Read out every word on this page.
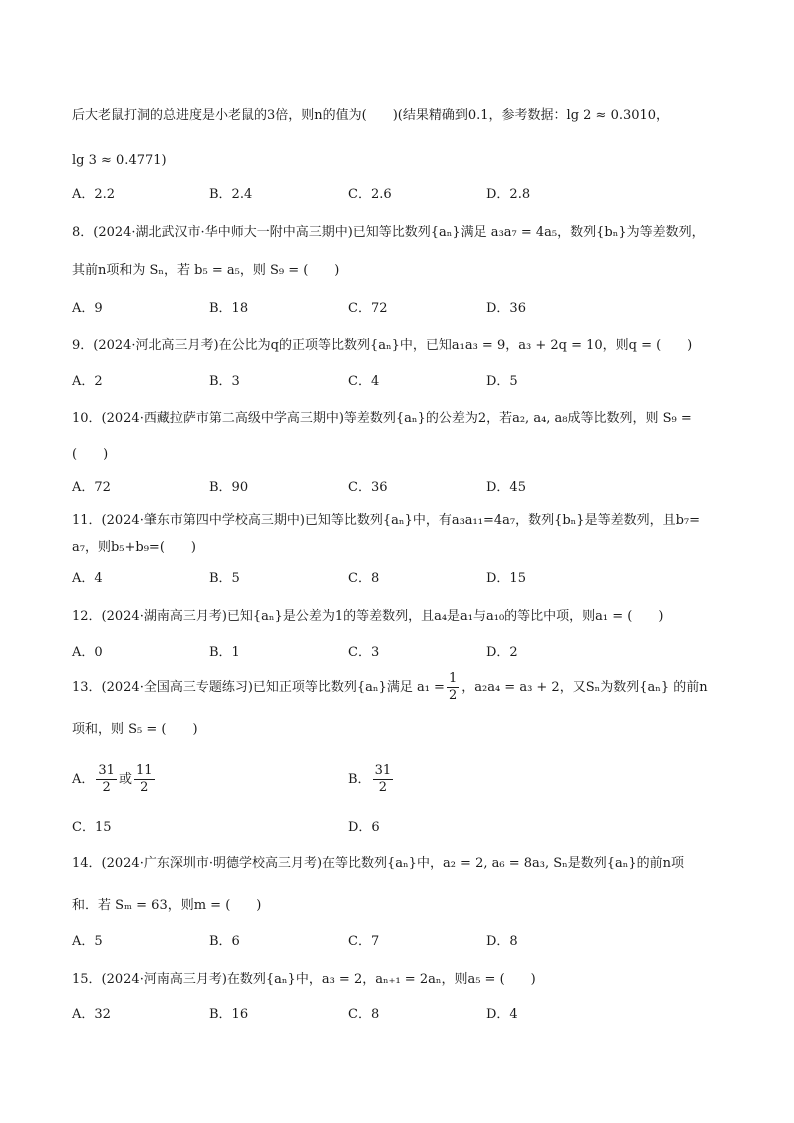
后大老鼠打洞的总进度是小老鼠的3倍，则n的值为(　　)(结果精确到0.1，参考数据：lg 2 ≈ 0.3010，
lg 3 ≈ 0.4771)
A．2.2	B．2.4	C．2.6	D．2.8
8．(2024·湖北武汉市·华中师大一附中高三期中)已知等比数列{aₙ}满足 a₃a₇ = 4a₅，数列{bₙ}为等差数列，
其前n项和为 Sₙ，若 b₅ = a₅，则 S₉ = (　　)
A．9	B．18	C．72	D．36
9．(2024·河北高三月考)在公比为q的正项等比数列{aₙ}中，已知a₁a₃ = 9，a₃ + 2q = 10，则q = (　　)
A．2	B．3	C．4	D．5
10．(2024·西藏拉萨市第二高级中学高三期中)等差数列{aₙ}的公差为2，若a₂, a₄, a₈成等比数列，则 S₉ =
(　　)
A．72	B．90	C．36	D．45
11．(2024·肇东市第四中学校高三期中)已知等比数列{aₙ}中，有a₃a₁₁=4a₇，数列{bₙ}是等差数列，且b₇=
a₇，则b₅+b₉=(　　)
A．4	B．5	C．8	D．15
12．(2024·湖南高三月考)已知{aₙ}是公差为1的等差数列，且a₄是a₁与a₁₀的等比中项，则a₁ = (　　)
A．0	B．1	C．3	D．2
13．(2024·全国高三专题练习)已知正项等比数列{aₙ}满足 $a_1 = \frac{1}{2}$ ，a₂a₄ = a₃ + 2，又Sₙ为数列{aₙ} 的前n
项和，则 S₅ = (　　)
A． $\frac{31}{2}$ 或 $\frac{11}{2}$	B． $\frac{31}{2}$
C．15	D．6
14．(2024·广东深圳市·明德学校高三月考)在等比数列{aₙ}中，a₂ = 2, a₆ = 8a₃, Sₙ是数列{aₙ}的前n项
和．若 Sₘ = 63，则m = (　　)
A．5	B．6	C．7	D．8
15．(2024·河南高三月考)在数列{aₙ}中，a₃ = 2，aₙ₊₁ = 2aₙ，则a₅ = (　　)
A．32	B．16	C．8	D．4
